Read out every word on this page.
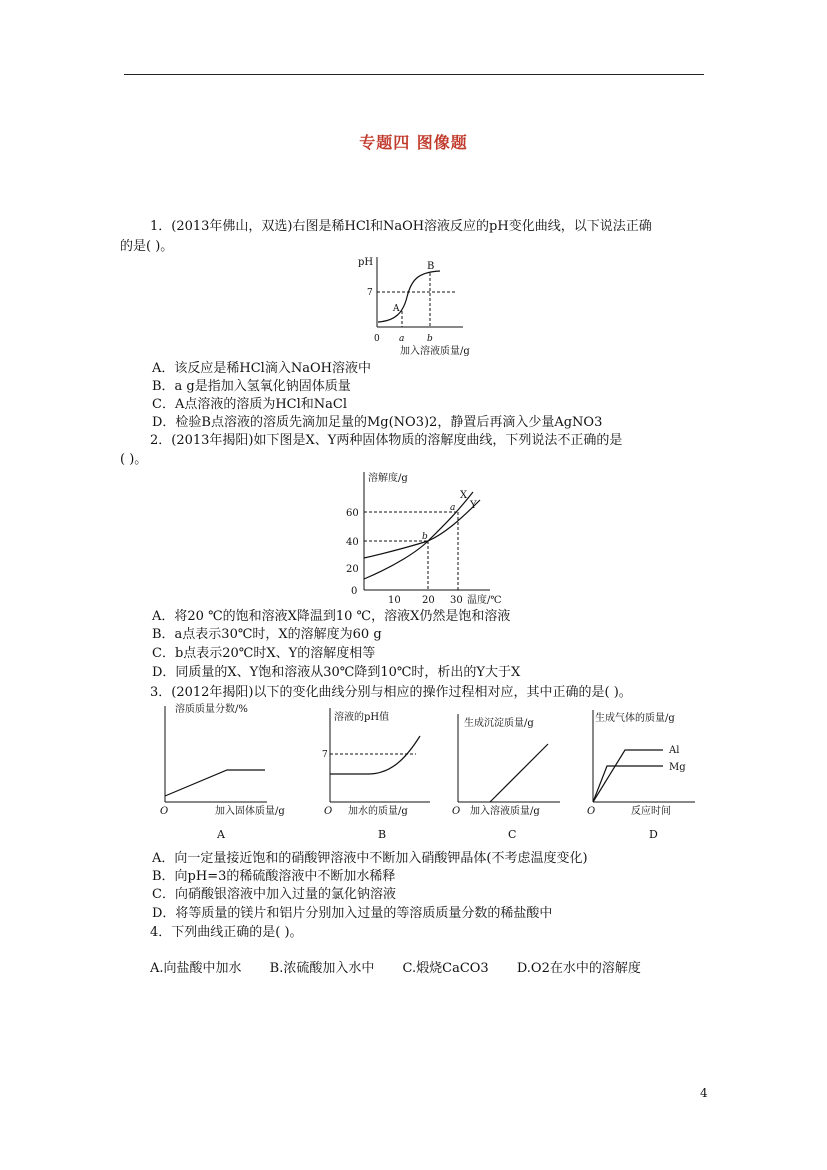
专题四 图像题
1．(2013年佛山，双选)右图是稀HCl和NaOH溶液反应的pH变化曲线，以下说法正确
的是( )。
pH
7
A
B
0 a	b
加入溶液质量/g
A．该反应是稀HCl滴入NaOH溶液中
B．a g是指加入氢氧化钠固体质量
C．A点溶液的溶质为HCl和NaCl
D．检验B点溶液的溶质先滴加足量的Mg(NO3)2，静置后再滴入少量AgNO3
2．(2013年揭阳)如下图是X、Y两种固体物质的溶解度曲线，下列说法不正确的是
( )。
溶解度/g
X
Y
a
b
60
40
20
0
10 20 30 温度/℃
A．将20 ℃的饱和溶液X降温到10 ℃，溶液X仍然是饱和溶液
B．a点表示30℃时，X的溶解度为60 g
C．b点表示20℃时X、Y的溶解度相等
D．同质量的X、Y饱和溶液从30℃降到10℃时，析出的Y大于X
3．(2012年揭阳)以下的变化曲线分别与相应的操作过程相对应，其中正确的是( )。
溶质质量分数/%
O	加入固体质量/g
A
溶液的pH值
7
O 加水的质量/g
B
生成沉淀质量/g
O 加入溶液质量/g
C
生成气体的质量/g
Al
Mg
O	反应时间
D
A．向一定量接近饱和的硝酸钾溶液中不断加入硝酸钾晶体(不考虑温度变化)
B．向pH=3的稀硫酸溶液中不断加水稀释
C．向硝酸银溶液中加入过量的氯化钠溶液
D．将等质量的镁片和铝片分别加入过量的等溶质质量分数的稀盐酸中
4．下列曲线正确的是( )。
A.向盐酸中加水 B.浓硫酸加入水中 C.煅烧CaCO3 D.O2在水中的溶解度
4
